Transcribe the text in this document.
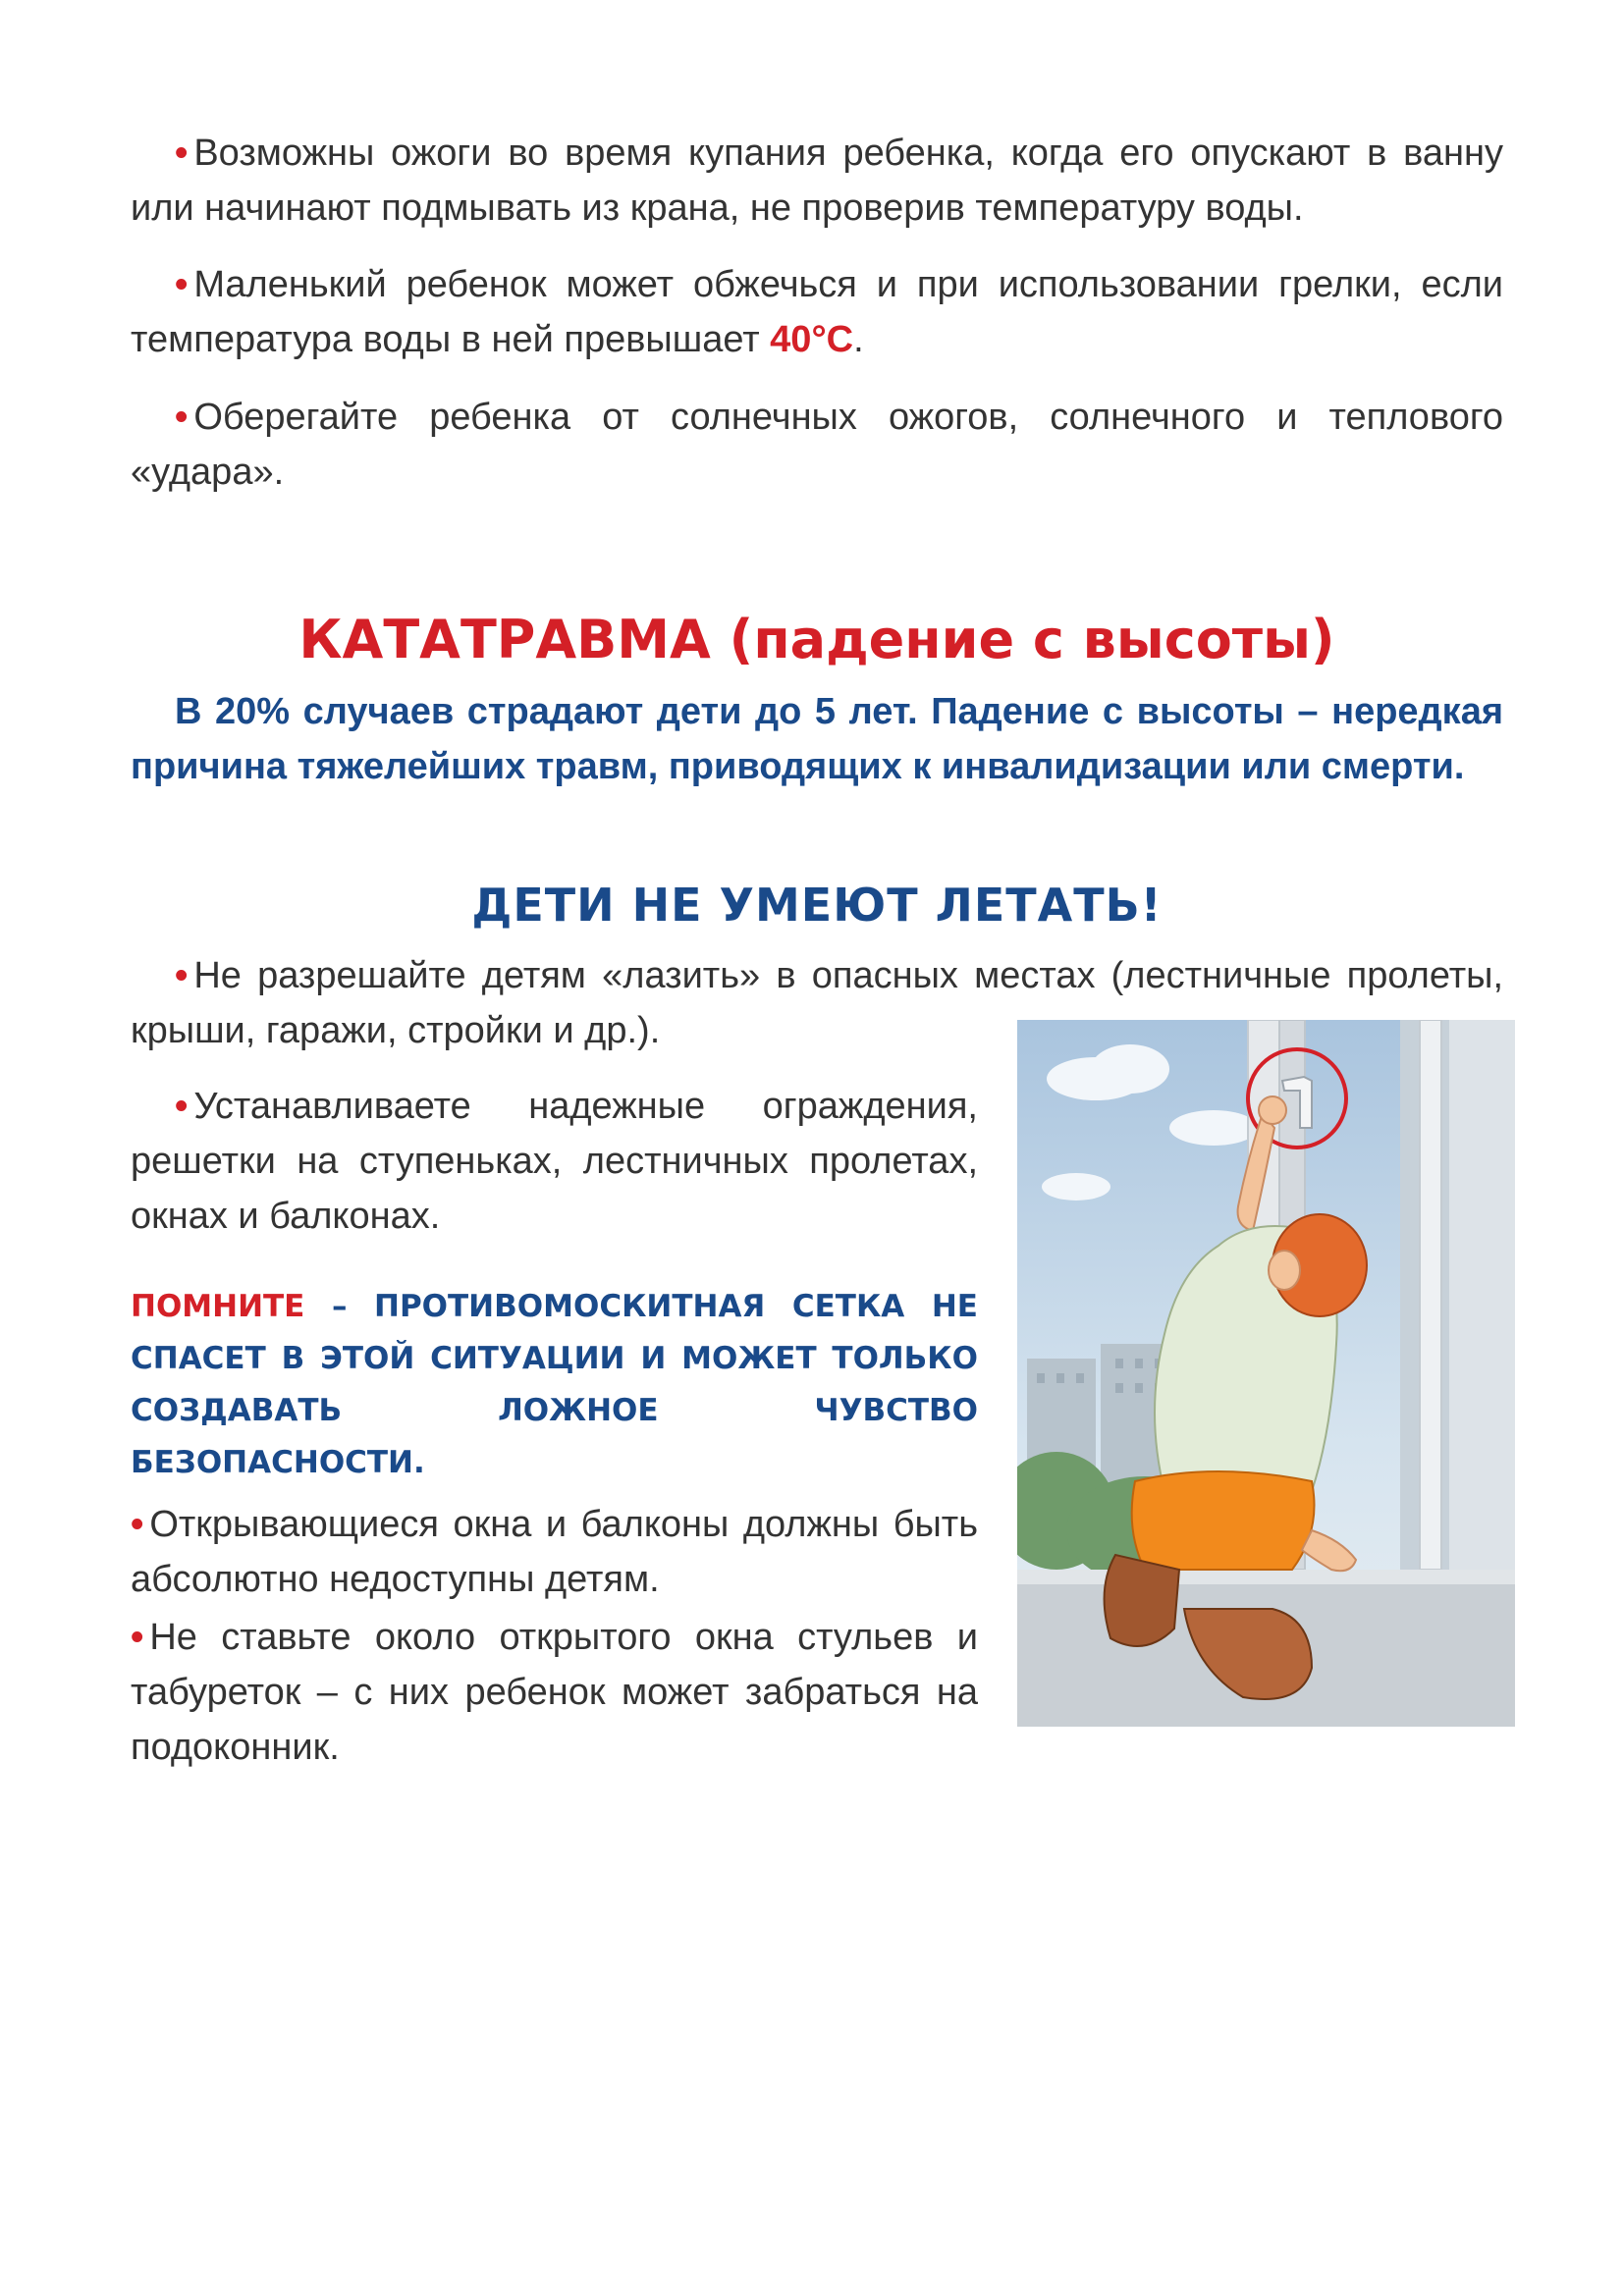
• Возможны ожоги во время купания ребенка, когда его опускают в ванну или начинают подмывать из крана, не проверив температуру воды.

• Маленький ребенок может обжечься и при использовании грелки, если температура воды в ней превышает 40°С.

• Оберегайте ребенка от солнечных ожогов, солнечного и теплового «удара».

КАТАТРАВМА (падение с высоты)

В 20% случаев страдают дети до 5 лет. Падение с высоты – нередкая причина тяжелейших травм, приводящих к инвалидизации или смерти.

ДЕТИ НЕ УМЕЮТ ЛЕТАТЬ!

• Не разрешайте детям «лазить» в опасных местах (лестничные пролеты, крыши, гаражи, стройки и др.).

• Устанавливаете надежные ограждения, решетки на ступеньках, лестничных пролетах, окнах и балконах.

ПОМНИТЕ – ПРОТИВОМОСКИТНАЯ СЕТКА НЕ СПАСЕТ В ЭТОЙ СИТУАЦИИ И МОЖЕТ ТОЛЬКО СОЗДАВАТЬ ЛОЖНОЕ ЧУВСТВО БЕЗОПАСНОСТИ.

• Открывающиеся окна и балконы должны быть абсолютно недоступны детям.

• Не ставьте около открытого окна стульев и табуреток – с них ребенок может забраться на подоконник.
